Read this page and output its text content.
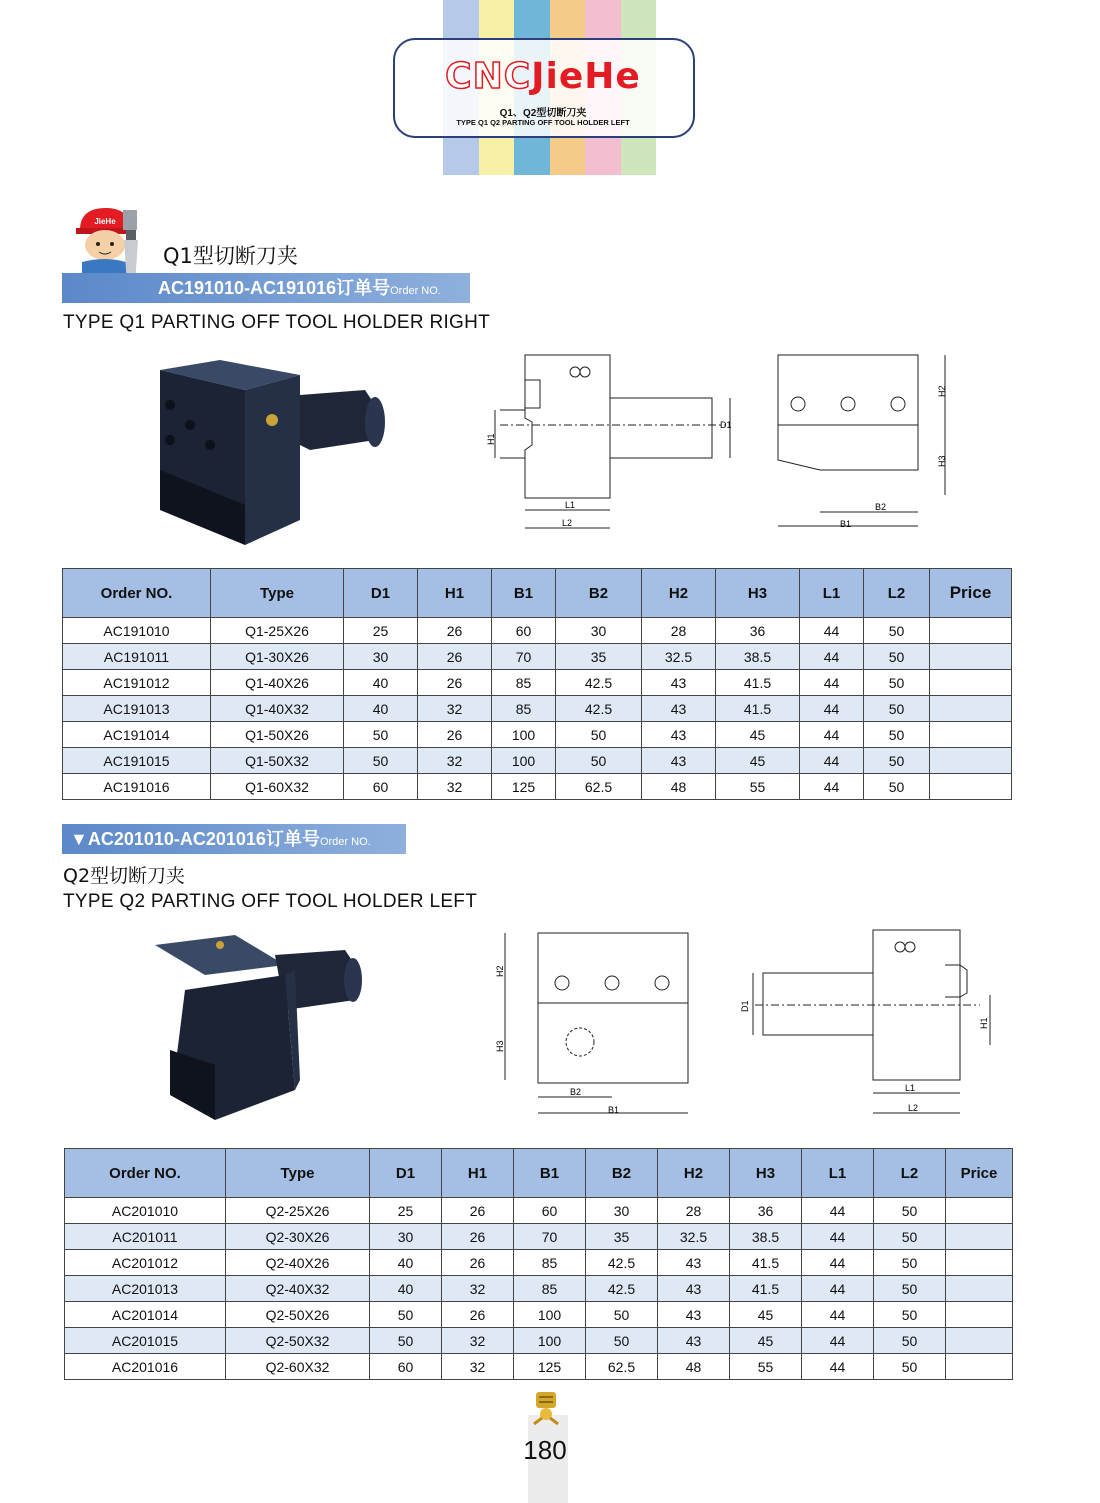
CNCJieHe
Q1、Q2型切断刀夹
TYPE Q1 Q2 PARTING OFF TOOL HOLDER LEFT
JieHe
Q1型切断刀夹
AC191010-AC191016订单号Order NO.
TYPE Q1 PARTING OFF TOOL HOLDER RIGHT
H1
D1
L1
L2
H2
H3
B2
B1
Order NO.	Type	D1	H1	B1	B2	H2	H3	L1	L2	Price
AC191010	Q1-25X26	25	26	60	30	28	36	44	50	
AC191011	Q1-30X26	30	26	70	35	32.5	38.5	44	50	
AC191012	Q1-40X26	40	26	85	42.5	43	41.5	44	50	
AC191013	Q1-40X32	40	32	85	42.5	43	41.5	44	50	
AC191014	Q1-50X26	50	26	100	50	43	45	44	50	
AC191015	Q1-50X32	50	32	100	50	43	45	44	50	
AC191016	Q1-60X32	60	32	125	62.5	48	55	44	50	
▼AC201010-AC201016订单号Order NO.
Q2型切断刀夹
TYPE Q2 PARTING OFF TOOL HOLDER LEFT
H2
H3
B2
B1
D1
H1
L1
L2
Order NO.	Type	D1	H1	B1	B2	H2	H3	L1	L2	Price
AC201010	Q2-25X26	25	26	60	30	28	36	44	50	
AC201011	Q2-30X26	30	26	70	35	32.5	38.5	44	50	
AC201012	Q2-40X26	40	26	85	42.5	43	41.5	44	50	
AC201013	Q2-40X32	40	32	85	42.5	43	41.5	44	50	
AC201014	Q2-50X26	50	26	100	50	43	45	44	50	
AC201015	Q2-50X32	50	32	100	50	43	45	44	50	
AC201016	Q2-60X32	60	32	125	62.5	48	55	44	50	
180
